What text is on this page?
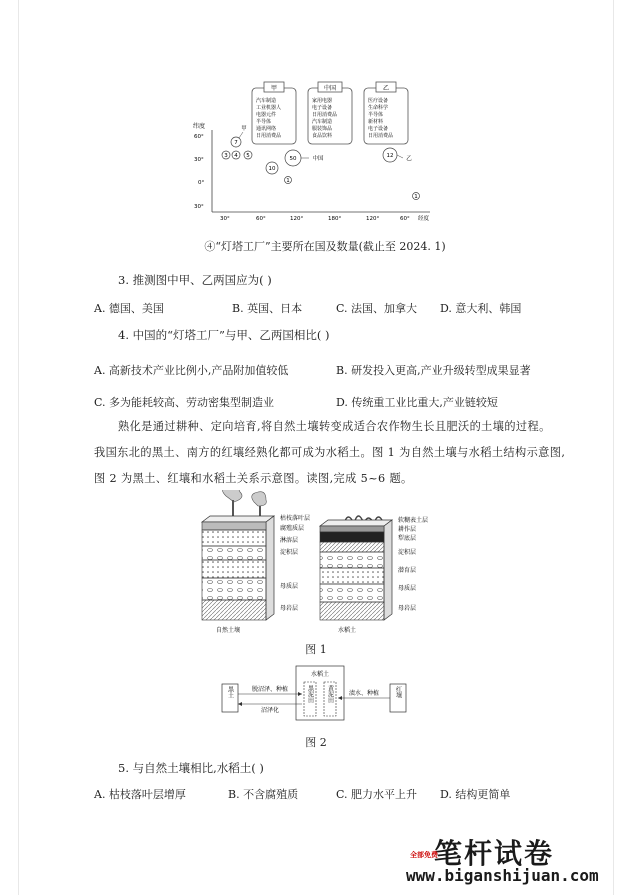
甲
汽车制造
工业机器人
电器元件
半导体
通讯网络
日用消费品
中国
家用电器
电子设备
日用消费品
汽车制造
服装饰品
食品饮料
乙
医疗设备
生命科学
半导体
新材料
电子设备
日用消费品
纬度
60°
30°
0°
30°
30°	60°	120°	180°	120°	60° 经度
7
甲
3 4 5
10
50	中国
1
12 乙
1
④“灯塔工厂”主要所在国及数量(截止至 2024. 1)
3. 推测图中甲、乙两国应为( )
A. 德国、美国	B. 英国、日本	C. 法国、加拿大 D. 意大利、韩国
4. 中国的“灯塔工厂”与甲、乙两国相比( )
A. 高新技术产业比例小,产品附加值较低	B. 研发投入更高,产业升级转型成果显著
C. 多为能耗较高、劳动密集型制造业	D. 传统重工业比重大,产业链较短
熟化是通过耕种、定向培育,将自然土壤转变成适合农作物生长且肥沃的土壤的过程。
我国东北的黑土、南方的红壤经熟化都可成为水稻土。图 1 为自然土壤与水稻土结构示意图,
图 2 为黑土、红壤和水稻土关系示意图。读图,完成 5~6 题。
枯枝落叶层
腐殖质层
淋溶层
淀积层
母质层
母岩层
自然土壤
软糊表土层
耕作层
犁底层
淀积层
潜育层
母质层
母岩层
水稻土
图 1
水稻土
黑泥田 黄泥田
黑土	红壤
脱沼泽、种植
沼泽化
渍水、种植
图 2
5. 与自然土壤相比,水稻土( )
A. 枯枝落叶层增厚	B. 不含腐殖质	C. 肥力水平上升 D. 结构更简单
笔杆试卷
全部免费
www.biganshijuan.com
